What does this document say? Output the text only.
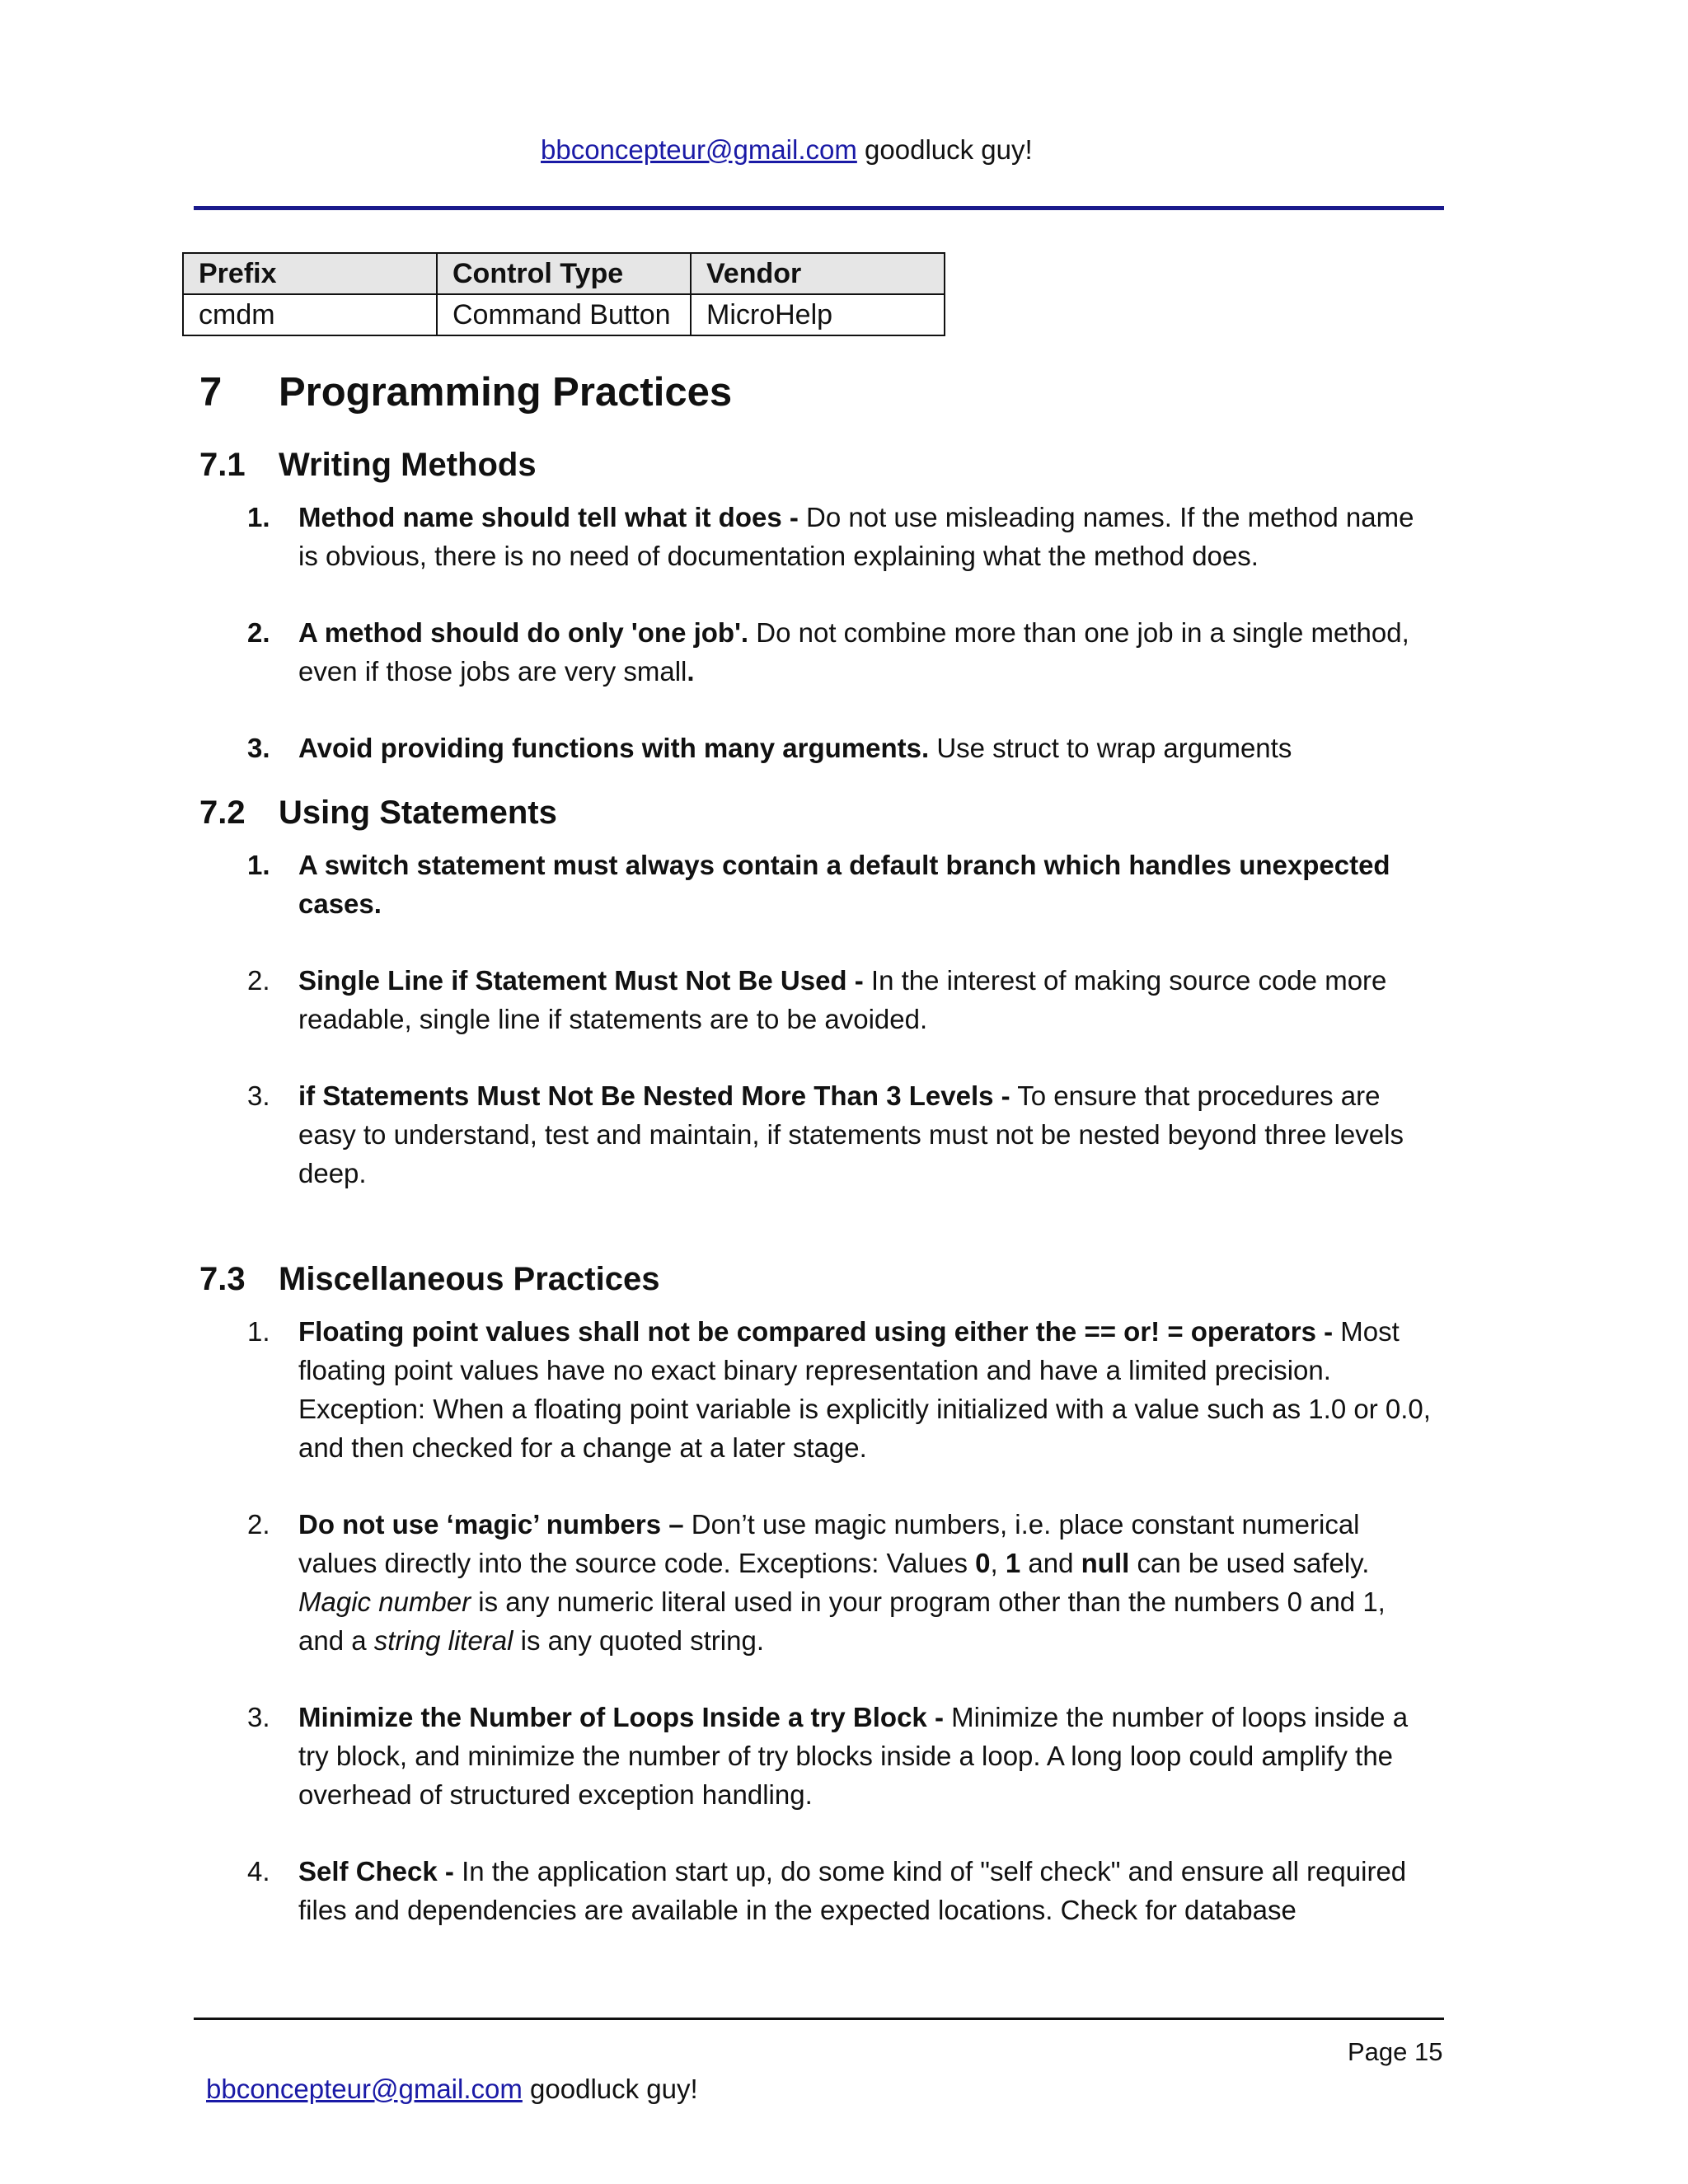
bbconcepteur@gmail.com goodluck guy!
Prefix	Control Type	Vendor
cmdm	Command Button	MicroHelp
7 Programming Practices
7.1 Writing Methods
1. Method name should tell what it does - Do not use misleading names. If the method name is obvious, there is no need of documentation explaining what the method does.
2. A method should do only 'one job'. Do not combine more than one job in a single method, even if those jobs are very small.
3. Avoid providing functions with many arguments. Use struct to wrap arguments
7.2 Using Statements
1. A switch statement must always contain a default branch which handles unexpected cases.
2. Single Line if Statement Must Not Be Used - In the interest of making source code more readable, single line if statements are to be avoided.
3. if Statements Must Not Be Nested More Than 3 Levels - To ensure that procedures are easy to understand, test and maintain, if statements must not be nested beyond three levels deep.
7.3 Miscellaneous Practices
1. Floating point values shall not be compared using either the == or! = operators - Most floating point values have no exact binary representation and have a limited precision. Exception: When a floating point variable is explicitly initialized with a value such as 1.0 or 0.0, and then checked for a change at a later stage.
2. Do not use ‘magic’ numbers – Don’t use magic numbers, i.e. place constant numerical values directly into the source code. Exceptions: Values 0, 1 and null can be used safely. Magic number is any numeric literal used in your program other than the numbers 0 and 1, and a string literal is any quoted string.
3. Minimize the Number of Loops Inside a try Block - Minimize the number of loops inside a try block, and minimize the number of try blocks inside a loop. A long loop could amplify the overhead of structured exception handling.
4. Self Check - In the application start up, do some kind of "self check" and ensure all required files and dependencies are available in the expected locations. Check for database
Page 15
bbconcepteur@gmail.com goodluck guy!
